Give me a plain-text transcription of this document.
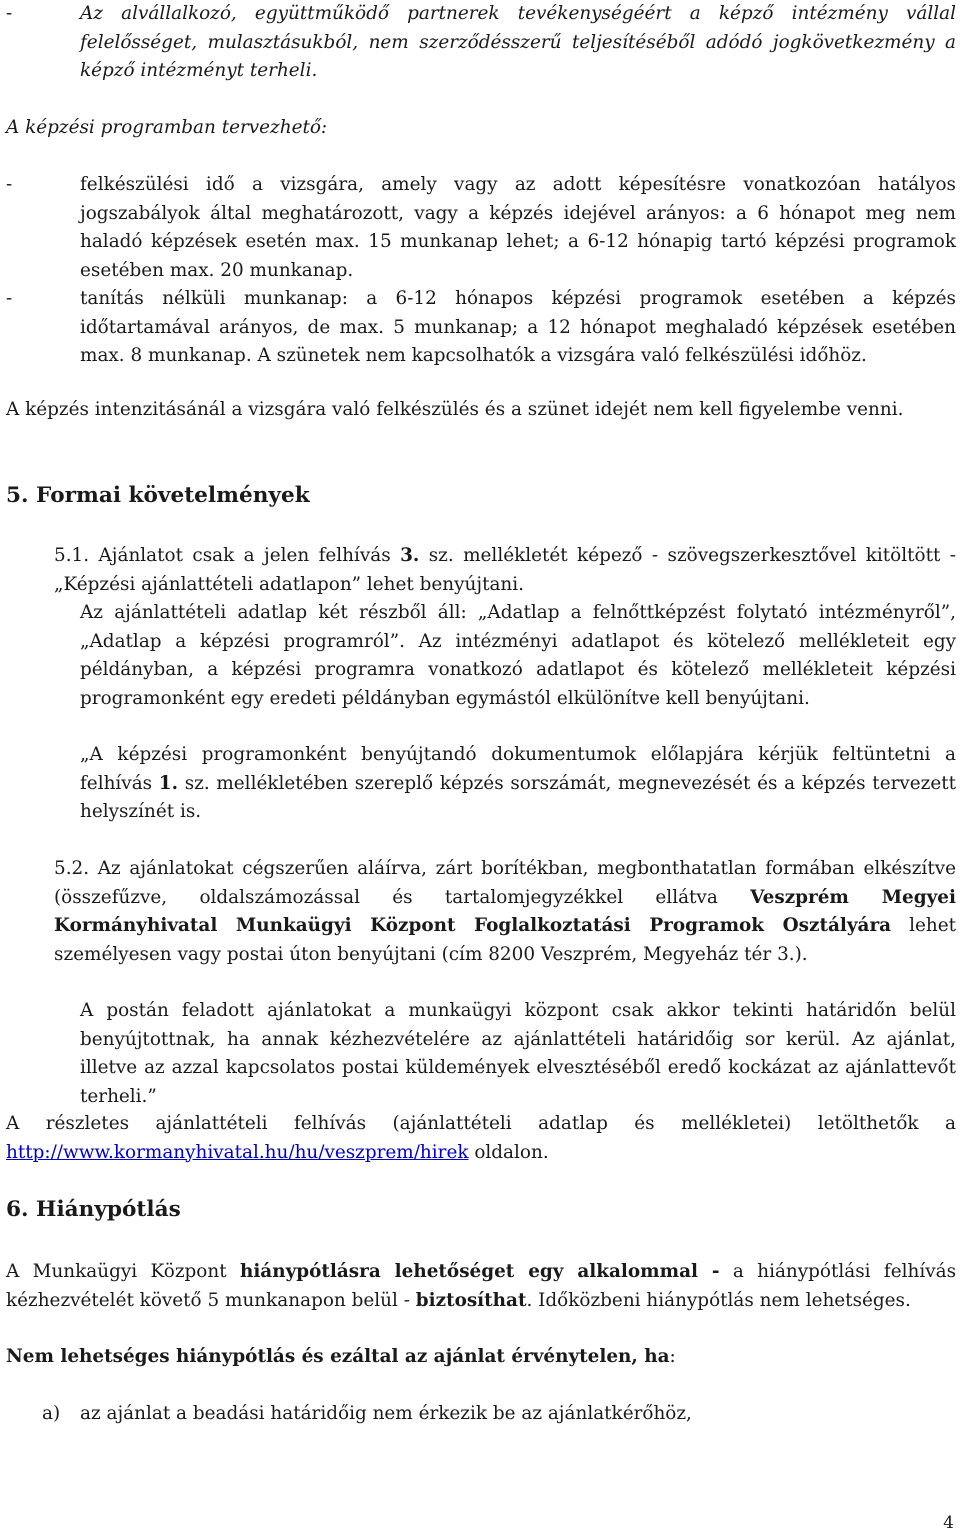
-	Az alvállalkozó, együttműködő partnerek tevékenységéért a képző intézmény vállal felelősséget, mulasztásukból, nem szerződésszerű teljesítéséből adódó jogkövetkezmény a képző intézményt terheli.

A képzési programban tervezhető:

-	felkészülési idő a vizsgára, amely vagy az adott képesítésre vonatkozóan hatályos jogszabályok által meghatározott, vagy a képzés idejével arányos: a 6 hónapot meg nem haladó képzések esetén max. 15 munkanap lehet; a 6-12 hónapig tartó képzési programok esetében max. 20 munkanap.

-	tanítás nélküli munkanap: a 6-12 hónapos képzési programok esetében a képzés időtartamával arányos, de max. 5 munkanap; a 12 hónapot meghaladó képzések esetében max. 8 munkanap. A szünetek nem kapcsolhatók a vizsgára való felkészülési időhöz.

A képzés intenzitásánál a vizsgára való felkészülés és a szünet idejét nem kell figyelembe venni.

5. Formai követelmények

5.1. Ajánlatot csak a jelen felhívás 3. sz. mellékletét képező - szövegszerkesztővel kitöltött - „Képzési ajánlattételi adatlapon” lehet benyújtani.

Az ajánlattételi adatlap két részből áll: „Adatlap a felnőttképzést folytató intézményről”, „Adatlap a képzési programról”. Az intézményi adatlapot és kötelező mellékleteit egy példányban, a képzési programra vonatkozó adatlapot és kötelező mellékleteit képzési programonként egy eredeti példányban egymástól elkülönítve kell benyújtani.

„A képzési programonként benyújtandó dokumentumok előlapjára kérjük feltüntetni a felhívás 1. sz. mellékletében szereplő képzés sorszámát, megnevezését és a képzés tervezett helyszínét is.

5.2. Az ajánlatokat cégszerűen aláírva, zárt borítékban, megbonthatatlan formában elkészítve (összefűzve, oldalszámozással és tartalomjegyzékkel ellátva Veszprém Megyei Kormányhivatal Munkaügyi Központ Foglalkoztatási Programok Osztályára lehet személyesen vagy postai úton benyújtani (cím 8200 Veszprém, Megyeház tér 3.).

A postán feladott ajánlatokat a munkaügyi központ csak akkor tekinti határidőn belül benyújtottnak, ha annak kézhezvételére az ajánlattételi határidőig sor kerül. Az ajánlat, illetve az azzal kapcsolatos postai küldemények elvesztéséből eredő kockázat az ajánlattevőt terheli.”

A részletes ajánlattételi felhívás (ajánlattételi adatlap és mellékletei) letölthetők a http://www.kormanyhivatal.hu/hu/veszprem/hirek oldalon.

6. Hiánypótlás

A Munkaügyi Központ hiánypótlásra lehetőséget egy alkalommal - a hiánypótlási felhívás kézhezvételét követő 5 munkanapon belül - biztosíthat. Időközbeni hiánypótlás nem lehetséges.

Nem lehetséges hiánypótlás és ezáltal az ajánlat érvénytelen, ha:

a) az ajánlat a beadási határidőig nem érkezik be az ajánlatkérőhöz,

4
